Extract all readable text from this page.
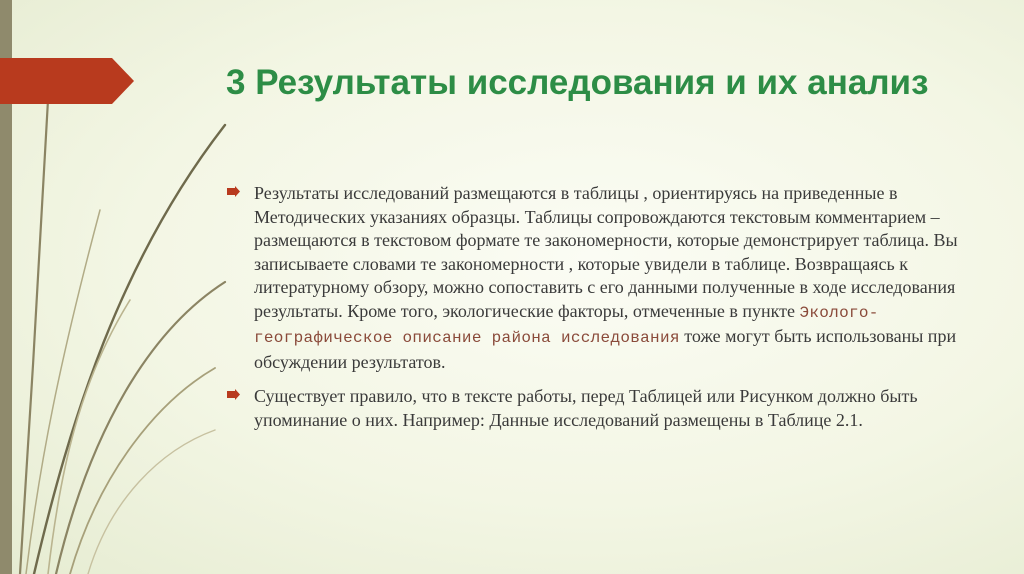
3 Результаты исследования и их анализ
Результаты исследований размещаются в таблицы , ориентируясь на приведенные в Методических указаниях образцы. Таблицы сопровождаются текстовым комментарием – размещаются в текстовом формате те закономерности, которые демонстрирует таблица. Вы записываете словами те закономерности , которые увидели в таблице. Возвращаясь к литературному обзору, можно сопоставить с его данными полученные в ходе исследования результаты. Кроме того, экологические факторы, отмеченные в пункте Эколого-географическое описание района исследования тоже могут быть использованы при обсуждении результатов.
Существует правило, что в тексте работы, перед Таблицей или Рисунком должно быть упоминание о них. Например: Данные исследований размещены в Таблице 2.1.
